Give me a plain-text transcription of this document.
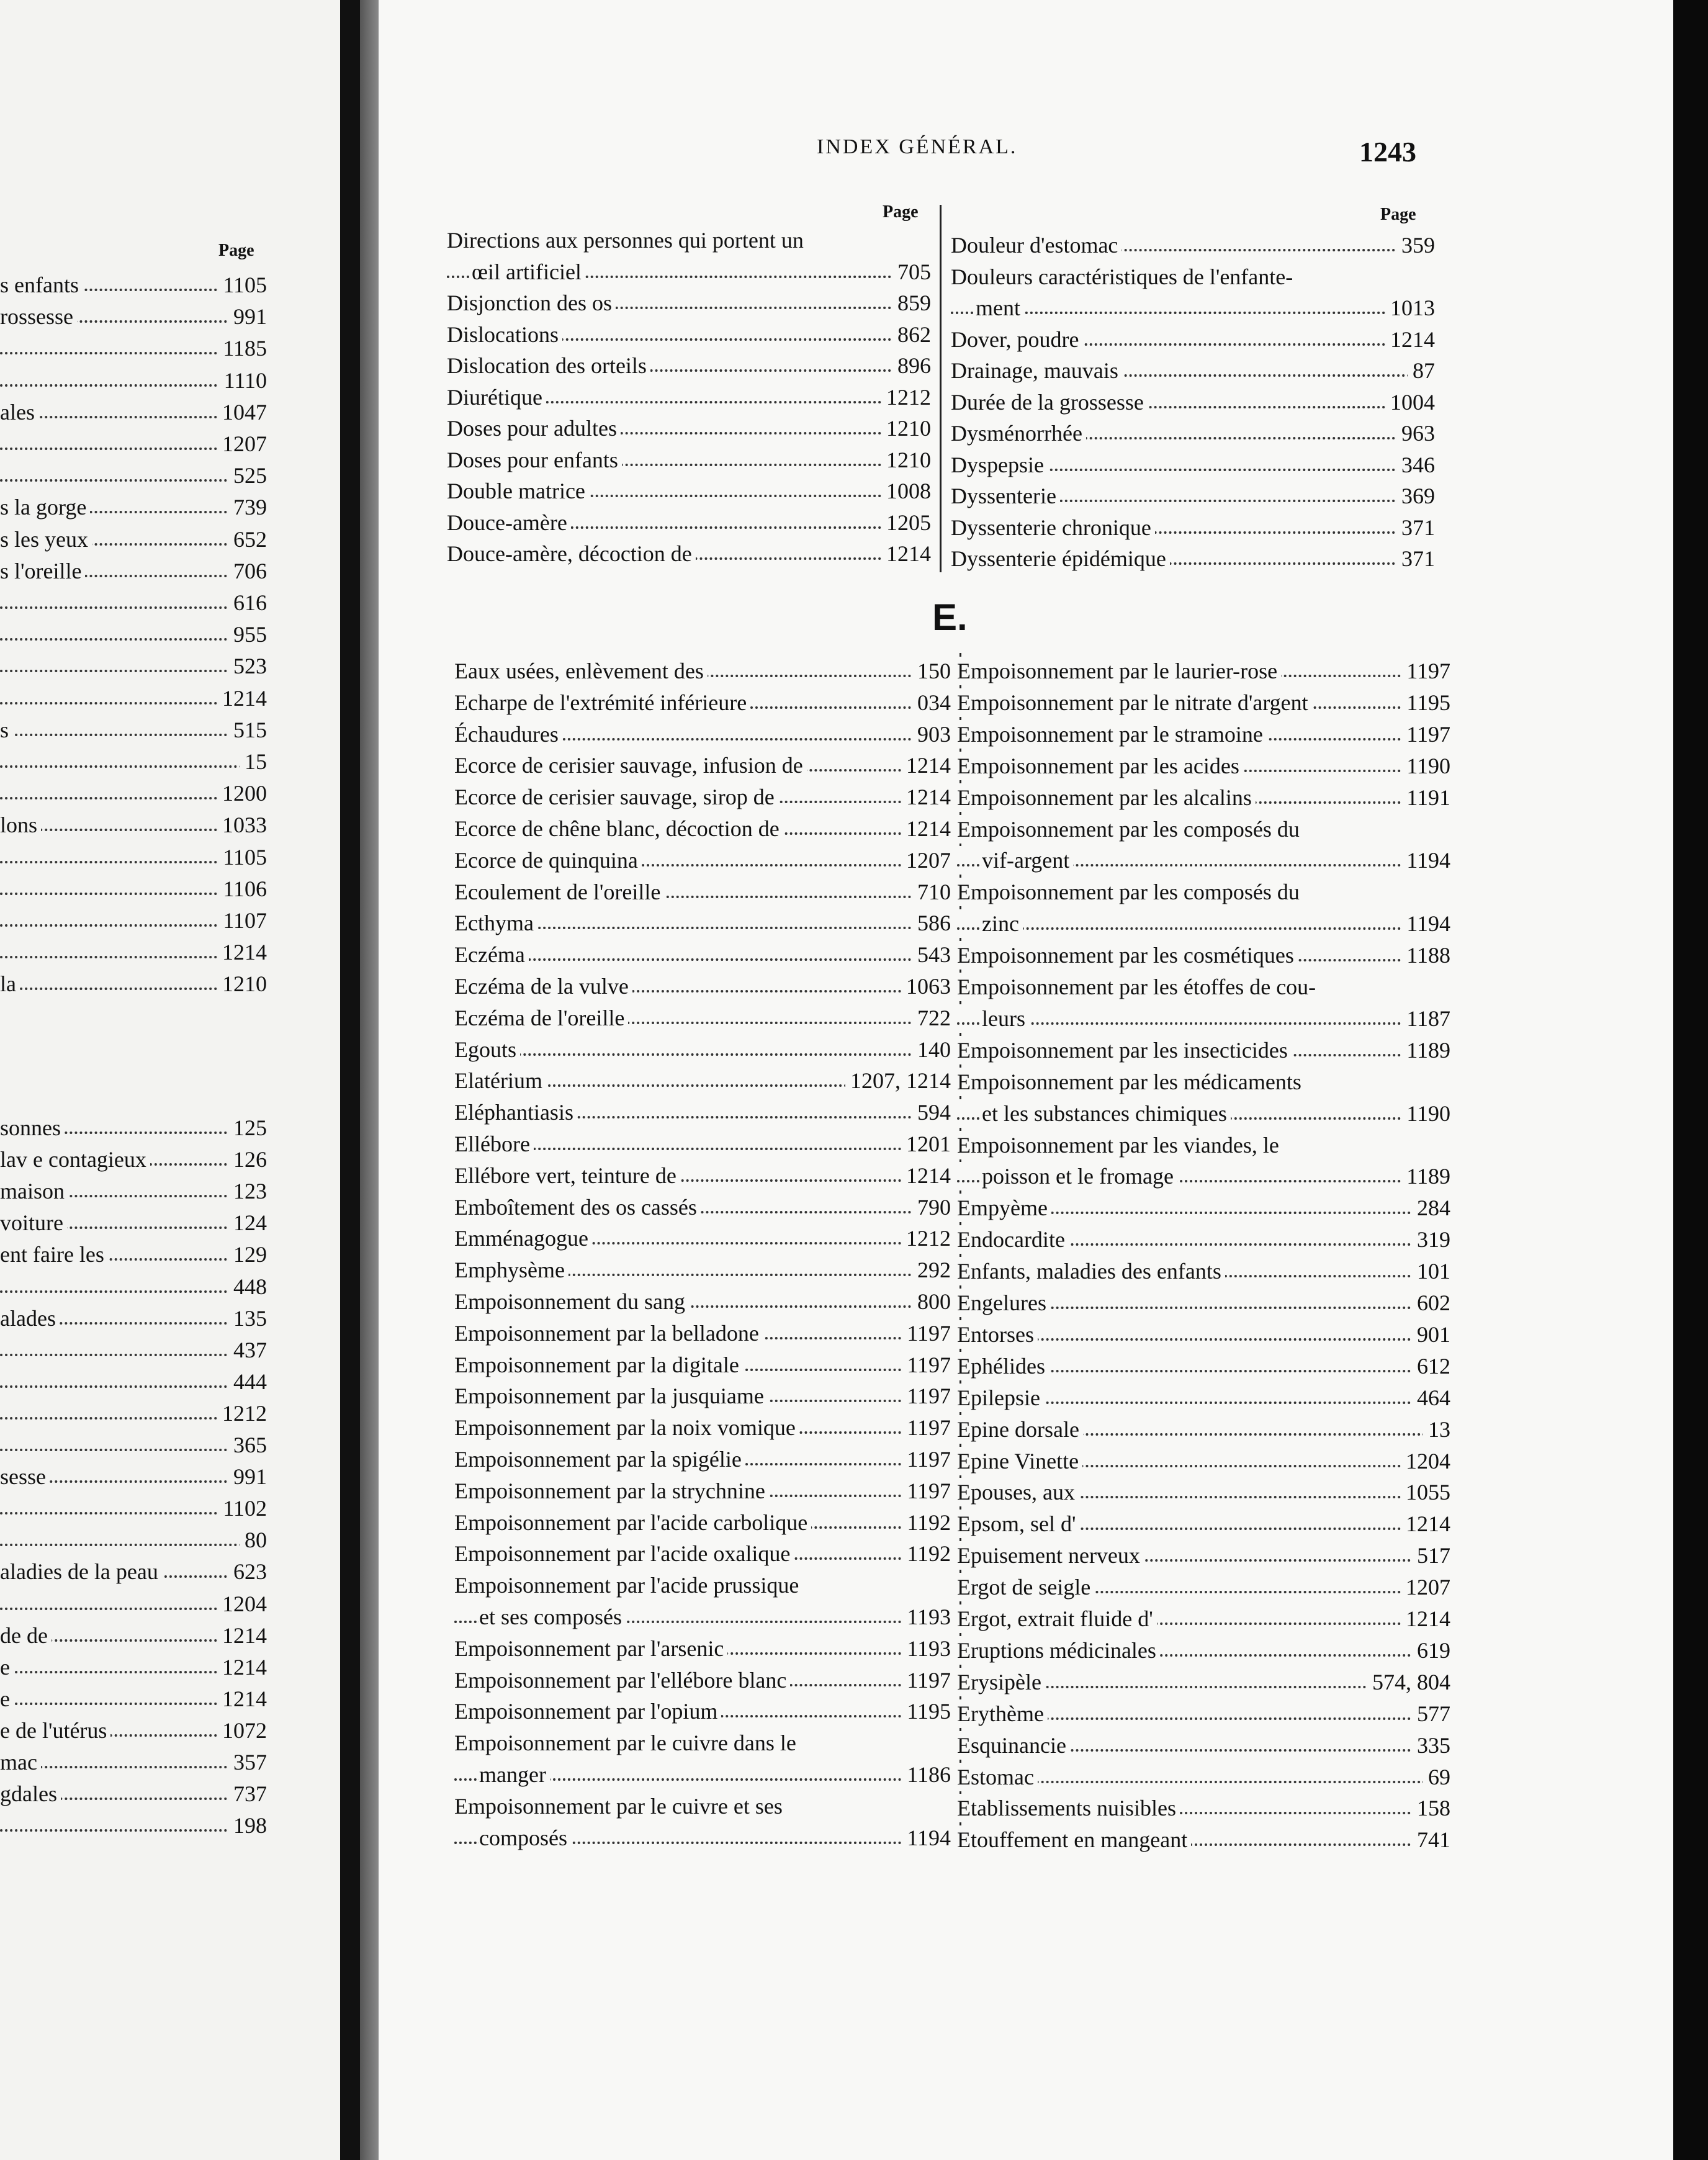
Page
s enfants	1105
rossesse	991
1185
1110
ales	1047
1207
525
s la gorge	739
s les yeux	652
s l'oreille	706
616
955
523
1214
s	515
15
1200
lons	1033
1105
1106
1107
1214
la	1210
sonnes	125
lav e contagieux	126
maison	123
voiture	124
ent faire les	129
448
alades	135
437
444
1212
365
sesse	991
1102
80
aladies de la peau	623
1204
de de	1214
e	1214
e	1214
e de l'utérus	1072
mac	357
gdales	737
198
INDEX GÉNÉRAL.	1243
Page	Page
Directions aux personnes qui portent un
œil artificiel	705
Disjonction des os	859
Dislocations	862
Dislocation des orteils	896
Diurétique	1212
Doses pour adultes	1210
Doses pour enfants	1210
Double matrice	1008
Douce-amère	1205
Douce-amère, décoction de	1214
Douleur d'estomac	359
Douleurs caractéristiques de l'enfante-
ment	1013
Dover, poudre	1214
Drainage, mauvais	87
Durée de la grossesse	1004
Dysménorrhée	963
Dyspepsie	346
Dyssenterie	369
Dyssenterie chronique	371
Dyssenterie épidémique	371
E.
Eaux usées, enlèvement des	150
Echarpe de l'extrémité inférieure	034
Échaudures	903
Ecorce de cerisier sauvage, infusion de	1214
Ecorce de cerisier sauvage, sirop de	1214
Ecorce de chêne blanc, décoction de	1214
Ecorce de quinquina	1207
Ecoulement de l'oreille	710
Ecthyma	586
Eczéma	543
Eczéma de la vulve	1063
Eczéma de l'oreille	722
Egouts	140
Elatérium	1207, 1214
Eléphantiasis	594
Ellébore	1201
Ellébore vert, teinture de	1214
Emboîtement des os cassés	790
Emménagogue	1212
Emphysème	292
Empoisonnement du sang	800
Empoisonnement par la belladone	1197
Empoisonnement par la digitale	1197
Empoisonnement par la jusquiame	1197
Empoisonnement par la noix vomique	1197
Empoisonnement par la spigélie	1197
Empoisonnement par la strychnine	1197
Empoisonnement par l'acide carbolique	1192
Empoisonnement par l'acide oxalique	1192
Empoisonnement par l'acide prussique
et ses composés	1193
Empoisonnement par l'arsenic	1193
Empoisonnement par l'ellébore blanc	1197
Empoisonnement par l'opium	1195
Empoisonnement par le cuivre dans le
manger	1186
Empoisonnement par le cuivre et ses
composés	1194
Empoisonnement par le laurier-rose	1197
Empoisonnement par le nitrate d'argent	1195
Empoisonnement par le stramoine	1197
Empoisonnement par les acides	1190
Empoisonnement par les alcalins	1191
Empoisonnement par les composés du
vif-argent	1194
Empoisonnement par les composés du
zinc	1194
Empoisonnement par les cosmétiques	1188
Empoisonnement par les étoffes de cou-
leurs	1187
Empoisonnement par les insecticides	1189
Empoisonnement par les médicaments
et les substances chimiques	1190
Empoisonnement par les viandes, le
poisson et le fromage	1189
Empyème	284
Endocardite	319
Enfants, maladies des enfants	101
Engelures	602
Entorses	901
Ephélides	612
Epilepsie	464
Epine dorsale	13
Epine Vinette	1204
Epouses, aux	1055
Epsom, sel d'	1214
Epuisement nerveux	517
Ergot de seigle	1207
Ergot, extrait fluide d'	1214
Eruptions médicinales	619
Erysipèle	574, 804
Erythème	577
Esquinancie	335
Estomac	69
Etablissements nuisibles	158
Etouffement en mangeant	741
